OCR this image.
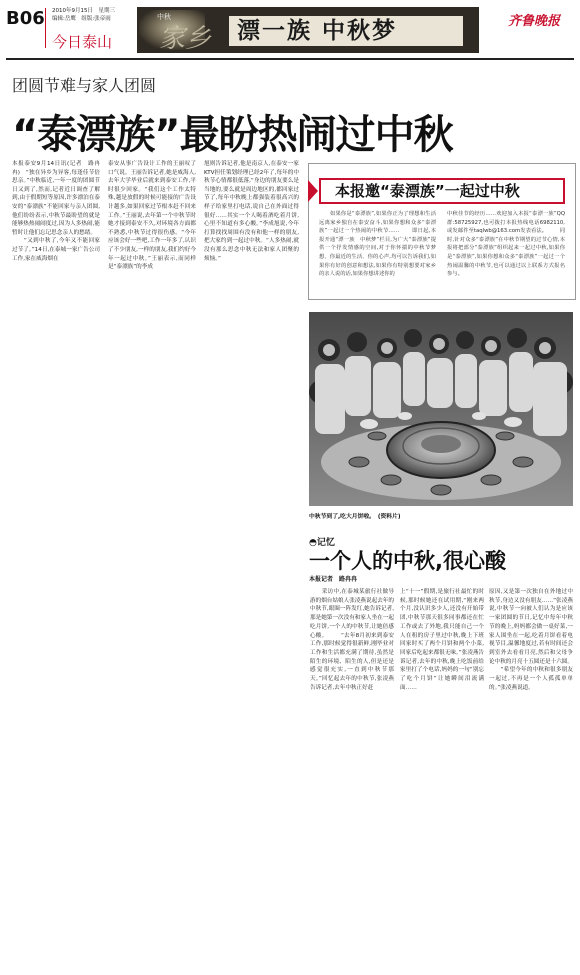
B06 2010年9月15日　星期三
编辑:岳鹰　组版:张帝雨
今日泰山
中秋
家乡	漂一族 中秋梦	齐鲁晚报
团圆节难与家人团圆
“泰漂族”最盼热闹过中秋
本报泰安9月14日讯(记者　路冉冉)　“独在异乡为异客,每逢佳节倍思亲。”中秋临近,一年一度的团圆节日又到了,然而,记者近日调查了解到,由于假期短等原因,许多漂泊在泰安的“泰漂族”不能回家与亲人团圆,他们纷纷表示,中秋节最盼望的就是能够热热闹闹度过,因为人多热闹,能暂时让他们忘记思念亲人的愁绪。
　　“又到中秋了,今年又不能回家过节了。”14日,在泰城一家广告公司工作,家在威海烟在
泰安从事广告设计工作的王丽叹了口气说。王丽告诉记者,她是威海人,去年大学毕业后就来到泰安工作,平时很少回家。“我们这个工作太特殊,越是放假的时候可能接的广告设计越多,如果回家过节根本赶不回来工作。”王丽说,去年第一个中秋节时她才接到泰安不久,对环境各方面都不熟悉,中秋节过得很伤感。“今年应该会好一些吧,工作一年多了,认识了不少朋友,一样的朋友,我们约好今年一起过中秋。”王丽表示,而同样是“泰漂族”的李成
旭则告诉记者,他是南京人,在泰安一家KTV担任策划经理已经2年了,每年的中秋节心情都很低落,“身边的朋友要么是当地的,要么就是周边地区的,都回家过节了,每年中秋晚上都强装着很高兴的样子给家里打电话,说自己在外面过得很好……其实一个人喝着酒吃着月饼,心里不知道有多心酸。”李成旭说,今年打算找找周围有没有和他一样的朋友,把大家约到一起过中秋。“人多热闹,就没有那么思念中秋无法和家人团聚的烦恼。”
本报邀“泰漂族”一起过中秋
　　如果你是“泰漂族”,如果你正为了理想和生活远离家乡独自在泰安奋斗,如果你想和众多“泰漂族”一起过一个热闹的中秋节…… 　　即日起,本报开通“漂一族　中秋梦”栏目,为广大“泰漂族”提供一个抒发情感的空间,对于你怀揣的中秋节梦想、你最近的生活、你的心声,均可以告诉我们,如果你有好的创意和想法,如果你有特别想要对家乡的亲人说的话,如果你想讲述你的
中秋佳节的经历……欢迎加入本报“泰漂一族”QQ群:58725927,也可拨打本报热线电话6982110,或发邮件至taqlwb@163.com发表看法。 　　同时,针对众多“泰漂族”在中秋节期望的过节心情,本报将把部分“泰漂族”组织起来一起过中秋,如果你是“泰漂族”,如果你想和众多“泰漂族”一起过一个热闹温馨的中秋节,也可以通过以上联系方式报名参与。
中秋节到了,吃大月饼啦。　(资料片)
◓记忆
一个人的中秋,很心酸
本报记者　路冉冉
　　采访中,在泰城某旅行社做导游的烟台姑娘人张凌燕说起去年的中秋节,眼圈一阵发红,她告诉记者,那是她第一次没有和家人坐在一起吃月饼,一个人的中秋节,让她倍感心酸。 　　“去年8月初来到泰安工作,那时候觉得很新鲜,刚毕业对工作和生活都充满了期待,虽然是陌生的环境、陌生的人,但是还是感觉很充实,一直到中秋节那天。”回忆起去年的中秋节,张凌燕告诉记者,去年中秋正好赶
上“十一”假期,是旅行社最忙的时候,那时候她还在试用期,“刚来两个月,没认识多少人,还没有开始带团,中秋节那天很多同事都还在忙工作或去了外地,我只能自己一个人在租的房子里过中秋,晚上下班回家时买了两个月饼和两个小菜,回家后吃起来都很无味。”张凌燕告诉记者,去年的中秋,晚上吃饭前给家里打了个电话,妈妈的一句“别忘了吃个月饼”让她瞬间泪流满面……
原因,又是第一次独自在外地过中秋节,身边又没有朋友……”张凌燕说,中秋节一向被人们认为是应该一家团圆的节日,记忆中每年中秋节的晚上,妈妈都会做一桌好菜,一家人围坐在一起,吃着月饼看着电视节目,温馨地度过,若有时间还会到室外去看看月亮,然后和父母争论中秋的月亮十五圆还是十六圆。 　　“希望今年的中秋和很多朋友一起过,不再是一个人孤孤单单的。”张凌燕说道。
